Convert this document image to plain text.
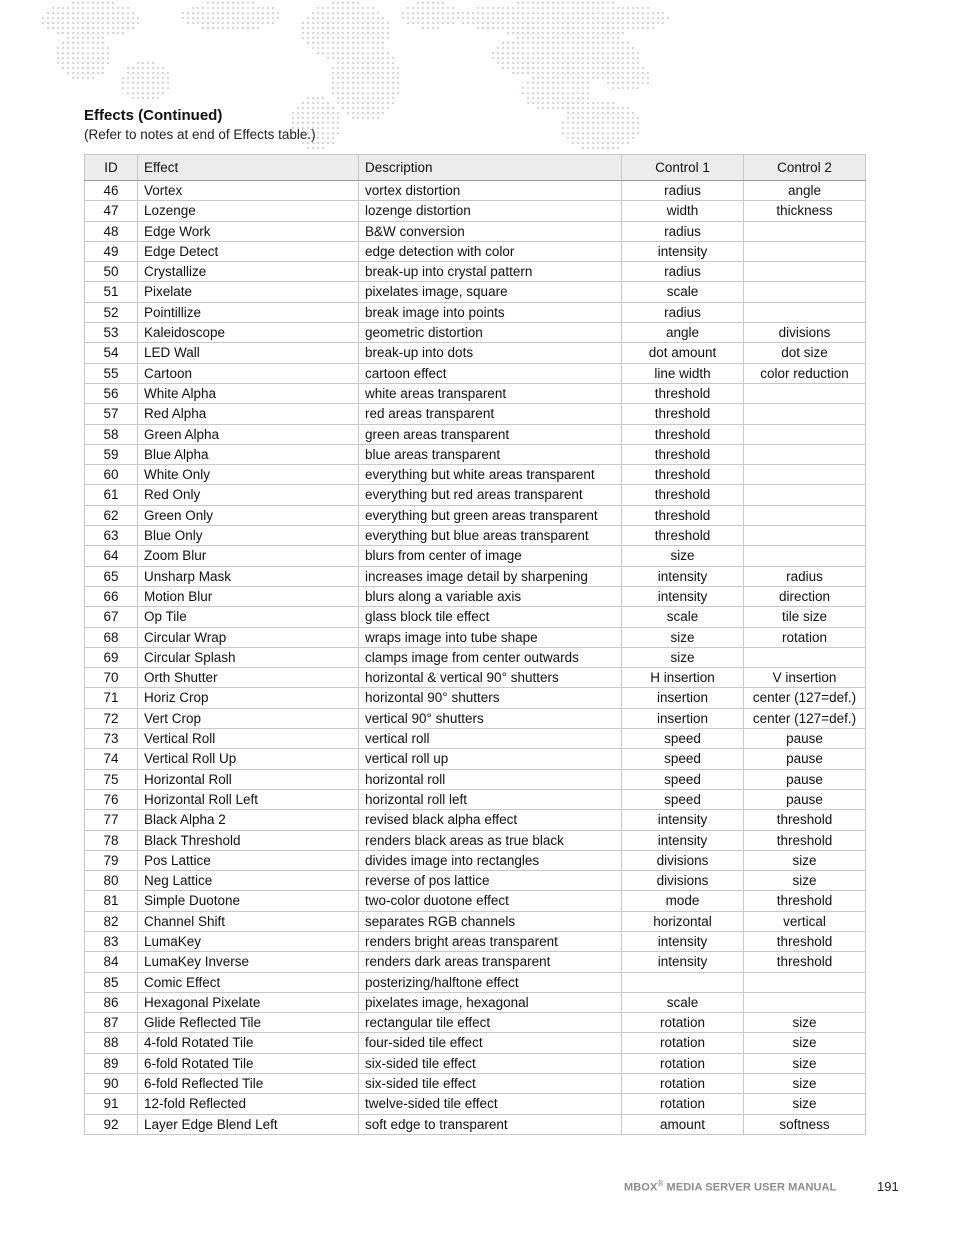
Effects (Continued)
(Refer to notes at end of Effects table.)
ID	Effect	Description	Control 1	Control 2
46	Vortex	vortex distortion	radius	angle
47	Lozenge	lozenge distortion	width	thickness
48	Edge Work	B&W conversion	radius	
49	Edge Detect	edge detection with color	intensity	
50	Crystallize	break-up into crystal pattern	radius	
51	Pixelate	pixelates image, square	scale	
52	Pointillize	break image into points	radius	
53	Kaleidoscope	geometric distortion	angle	divisions
54	LED Wall	break-up into dots	dot amount	dot size
55	Cartoon	cartoon effect	line width	color reduction
56	White Alpha	white areas transparent	threshold	
57	Red Alpha	red areas transparent	threshold	
58	Green Alpha	green areas transparent	threshold	
59	Blue Alpha	blue areas transparent	threshold	
60	White Only	everything but white areas transparent	threshold	
61	Red Only	everything but red areas transparent	threshold	
62	Green Only	everything but green areas transparent	threshold	
63	Blue Only	everything but blue areas transparent	threshold	
64	Zoom Blur	blurs from center of image	size	
65	Unsharp Mask	increases image detail by sharpening	intensity	radius
66	Motion Blur	blurs along a variable axis	intensity	direction
67	Op Tile	glass block tile effect	scale	tile size
68	Circular Wrap	wraps image into tube shape	size	rotation
69	Circular Splash	clamps image from center outwards	size	
70	Orth Shutter	horizontal & vertical 90° shutters	H insertion	V insertion
71	Horiz Crop	horizontal 90° shutters	insertion	center (127=def.)
72	Vert Crop	vertical 90° shutters	insertion	center (127=def.)
73	Vertical Roll	vertical roll	speed	pause
74	Vertical Roll Up	vertical roll up	speed	pause
75	Horizontal Roll	horizontal roll	speed	pause
76	Horizontal Roll Left	horizontal roll left	speed	pause
77	Black Alpha 2	revised black alpha effect	intensity	threshold
78	Black Threshold	renders black areas as true black	intensity	threshold
79	Pos Lattice	divides image into rectangles	divisions	size
80	Neg Lattice	reverse of pos lattice	divisions	size
81	Simple Duotone	two-color duotone effect	mode	threshold
82	Channel Shift	separates RGB channels	horizontal	vertical
83	LumaKey	renders bright areas transparent	intensity	threshold
84	LumaKey Inverse	renders dark areas transparent	intensity	threshold
85	Comic Effect	posterizing/halftone effect		
86	Hexagonal Pixelate	pixelates image, hexagonal	scale	
87	Glide Reflected Tile	rectangular tile effect	rotation	size
88	4-fold Rotated Tile	four-sided tile effect	rotation	size
89	6-fold Rotated Tile	six-sided tile effect	rotation	size
90	6-fold Reflected Tile	six-sided tile effect	rotation	size
91	12-fold Reflected	twelve-sided tile effect	rotation	size
92	Layer Edge Blend Left	soft edge to transparent	amount	softness
MBOX® MEDIA SERVER USER MANUAL	191
